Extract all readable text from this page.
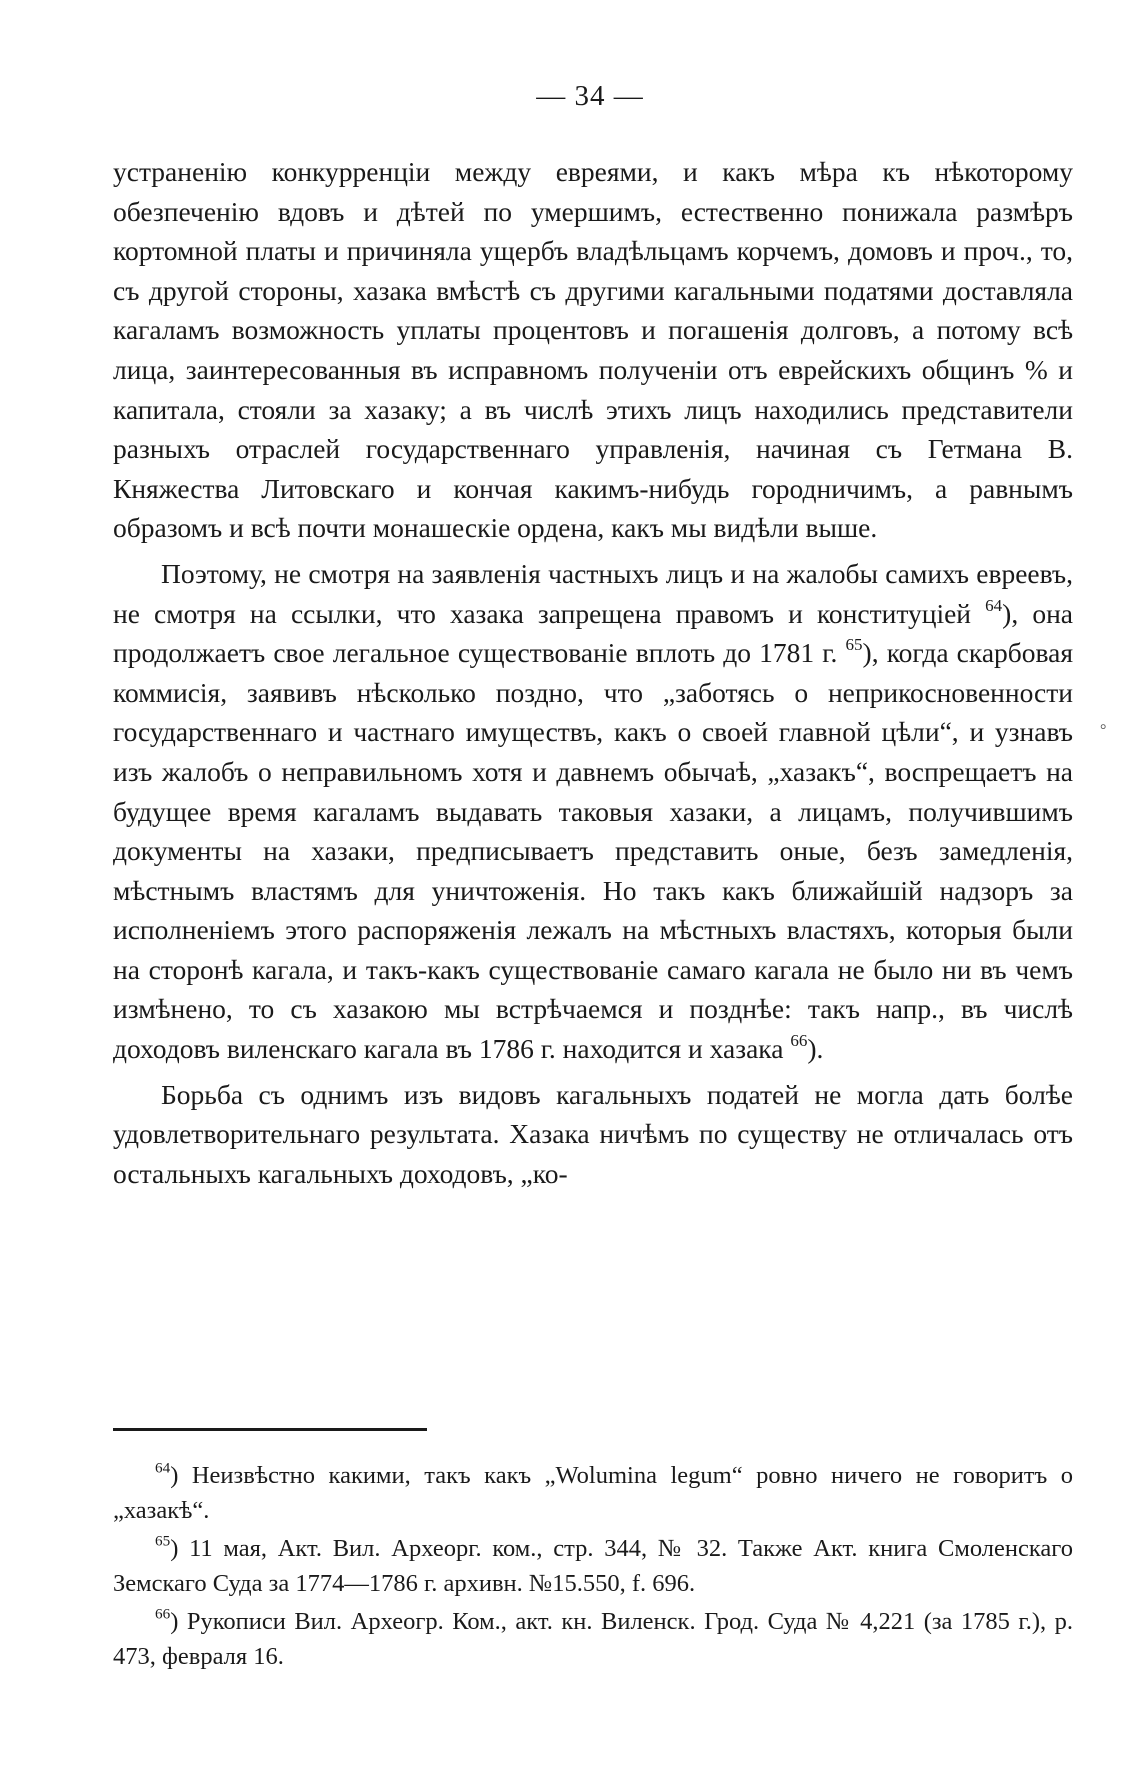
— 34 —

устраненію конкурренціи между евреями, и какъ мѣра къ нѣкоторому обезпеченію вдовъ и дѣтей по умершимъ, естественно понижала размѣръ кортомной платы и причиняла ущербъ владѣльцамъ корчемъ, домовъ и проч., то, съ другой стороны, хазака вмѣстѣ съ другими кагальными податями доставляла кагаламъ возможность уплаты процентовъ и погашенія долговъ, а потому всѣ лица, заинтересованныя въ исправномъ полученіи отъ еврейскихъ общинъ % и капитала, стояли за хазаку; а въ числѣ этихъ лицъ находились представители разныхъ отраслей государственнаго управленія, начиная съ Гетмана В. Княжества Литовскаго и кончая какимъ-нибудь городничимъ, а равнымъ образомъ и всѣ почти монашескіе ордена, какъ мы видѣли выше.

Поэтому, не смотря на заявленія частныхъ лицъ и на жалобы самихъ евреевъ, не смотря на ссылки, что хазака запрещена правомъ и конституціей $^{64}$), она продолжаетъ свое легальное существованіе вплоть до 1781 г. $^{65}$), когда скарбовая коммисія, заявивъ нѣсколько поздно, что „заботясь о неприкосновенности государственнаго и частнаго имуществъ, какъ о своей главной цѣли“, и узнавъ изъ жалобъ о неправильномъ хотя и давнемъ обычаѣ, „хазакъ“, воспрещаетъ на будущее время кагаламъ выдавать таковыя хазаки, а лицамъ, получившимъ документы на хазаки, предписываетъ представить оные, безъ замедленія, мѣстнымъ властямъ для уничтоженія. Но такъ какъ ближайшій надзоръ за исполненіемъ этого распоряженія лежалъ на мѣстныхъ властяхъ, которыя были на сторонѣ кагала, и такъ-какъ существованіе самаго кагала не было ни въ чемъ измѣнено, то съ хазакою мы встрѣчаемся и позднѣе: такъ напр., въ числѣ доходовъ виленскаго кагала въ 1786 г. находится и хазака $^{66}$).

Борьба съ однимъ изъ видовъ кагальныхъ податей не могла дать болѣе удовлетворительнаго результата. Хазака ничѣмъ по существу не отличалась отъ остальныхъ кагальныхъ доходовъ, „ко-

$^{64}$) Неизвѣстно какими, такъ какъ „Wolumina legum“ ровно ничего не говоритъ о „хазакѣ“.

$^{65}$) 11 мая, Акт. Вил. Археорг. ком., стр. 344, № 32. Также Акт. книга Смоленскаго Земскаго Суда за 1774—1786 г. архивн. №15.550, f. 696.

$^{66}$) Рукописи Вил. Археогр. Ком., акт. кн. Виленск. Грод. Суда № 4,221 (за 1785 г.), p. 473, февраля 16.

°
